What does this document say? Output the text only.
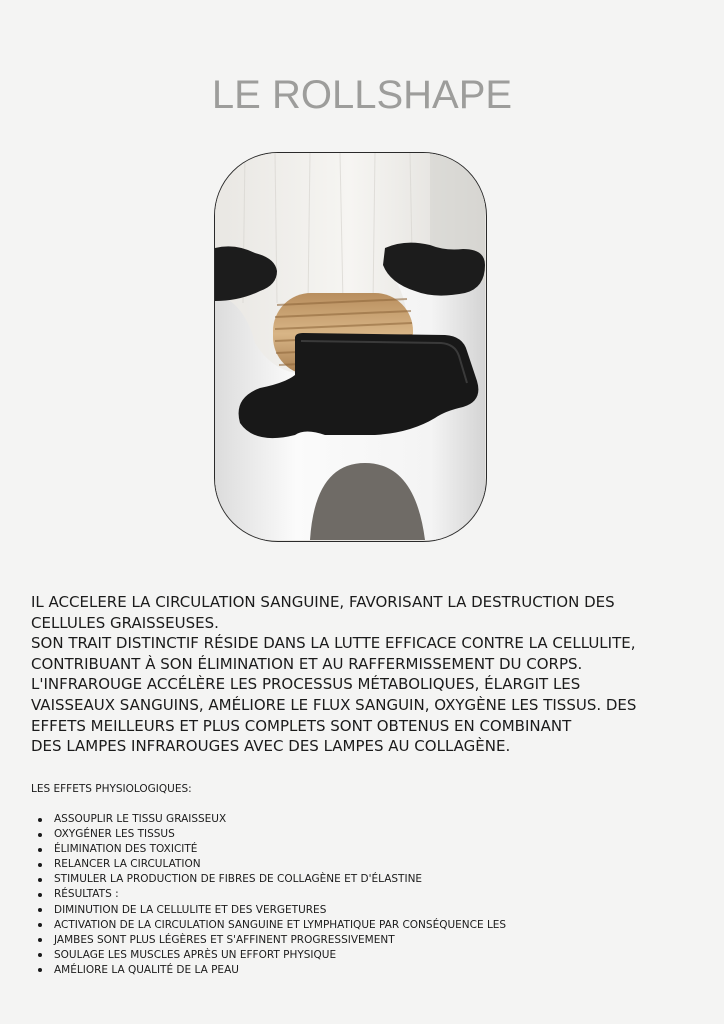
LE ROLLSHAPE
IL ACCELERE LA CIRCULATION SANGUINE, FAVORISANT LA DESTRUCTION DES
CELLULES GRAISSEUSES.
SON TRAIT DISTINCTIF RÉSIDE DANS LA LUTTE EFFICACE CONTRE LA CELLULITE,
CONTRIBUANT À SON ÉLIMINATION ET AU RAFFERMISSEMENT DU CORPS.
L'INFRAROUGE ACCÉLÈRE LES PROCESSUS MÉTABOLIQUES, ÉLARGIT LES
VAISSEAUX SANGUINS, AMÉLIORE LE FLUX SANGUIN, OXYGÈNE LES TISSUS. DES
EFFETS MEILLEURS ET PLUS COMPLETS SONT OBTENUS EN COMBINANT
DES LAMPES INFRAROUGES AVEC DES LAMPES AU COLLAGÈNE.
LES EFFETS PHYSIOLOGIQUES:
ASSOUPLIR LE TISSU GRAISSEUX
OXYGÉNER LES TISSUS
ÉLIMINATION DES TOXICITÉ
RELANCER LA CIRCULATION
STIMULER LA PRODUCTION DE FIBRES DE COLLAGÈNE ET D'ÉLASTINE
RÉSULTATS :
DIMINUTION DE LA CELLULITE ET DES VERGETURES
ACTIVATION DE LA CIRCULATION SANGUINE ET LYMPHATIQUE PAR CONSÉQUENCE LES
JAMBES SONT PLUS LÉGÈRES ET S'AFFINENT PROGRESSIVEMENT
SOULAGE LES MUSCLES APRÈS UN EFFORT PHYSIQUE
AMÉLIORE LA QUALITÉ DE LA PEAU
